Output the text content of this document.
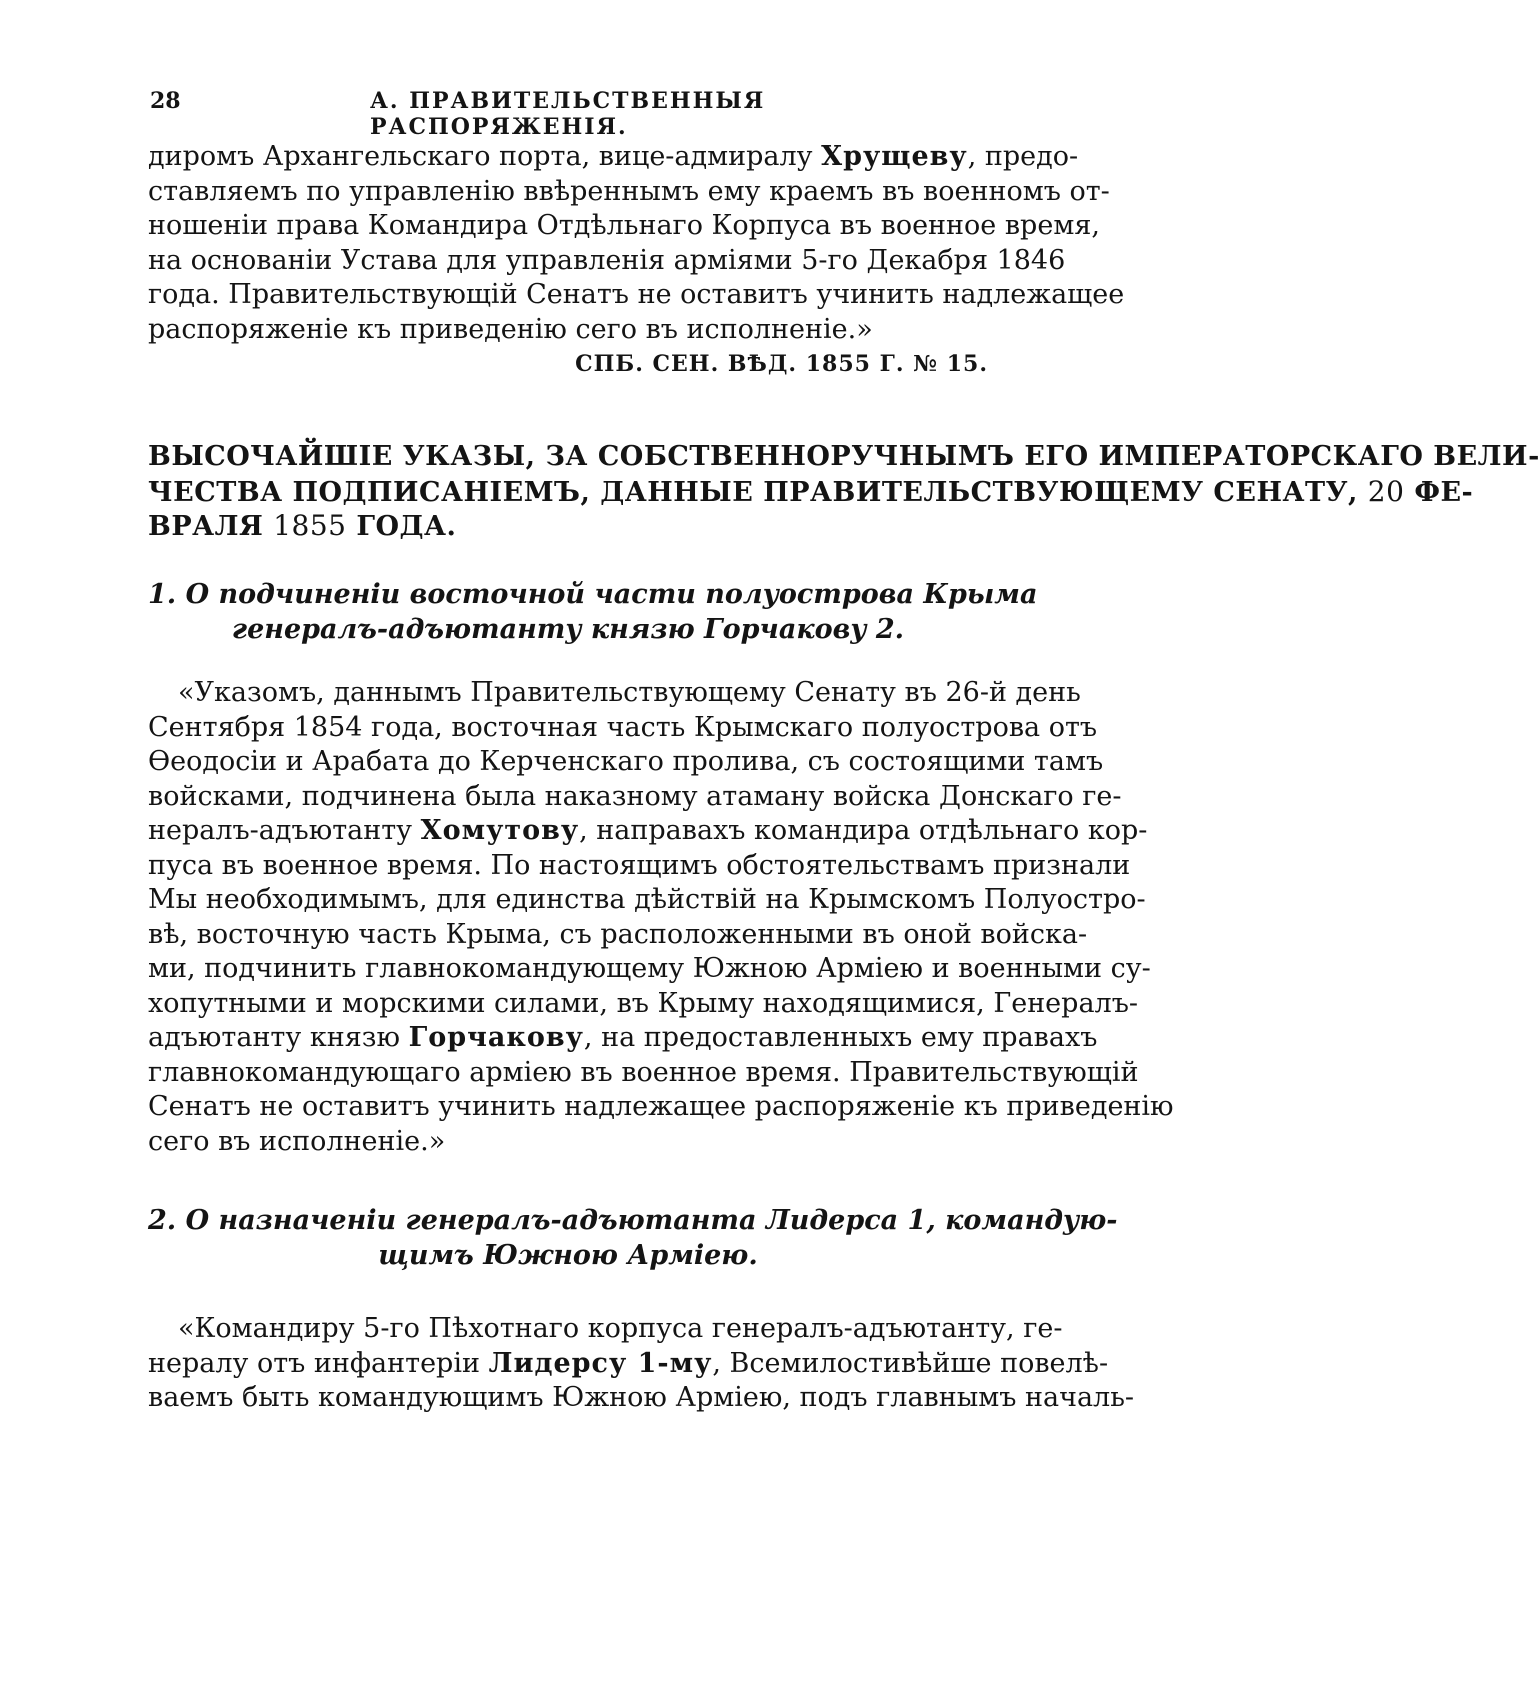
28	А. ПРАВИТЕЛЬСТВЕННЫЯ РАСПОРЯЖЕНІЯ.
диромъ Архангельскаго порта, вице-адмиралу Хрущеву, предо-
ставляемъ по управленію ввѣреннымъ ему краемъ въ военномъ от-
ношеніи права Командира Отдѣльнаго Корпуса въ военное время,
на основаніи Устава для управленія арміями 5-го Декабря 1846
года. Правительствующій Сенатъ не оставитъ учинить надлежащее
распоряженіе къ приведенію сего въ исполненіе.»
СПБ. СЕН. ВѢД. 1855 Г. № 15.
ВЫСОЧАЙШІЕ УКАЗЫ, ЗА СОБСТВЕННОРУЧНЫМЪ ЕГО ИМПЕРАТОРСКАГО ВЕЛИ-
ЧЕСТВА ПОДПИСАНІЕМЪ, ДАННЫЕ ПРАВИТЕЛЬСТВУЮЩЕМУ СЕНАТУ, 20 ФЕ-
ВРАЛЯ 1855 ГОДА.
1. О подчиненіи восточной части полуострова Крыма
генералъ-адъютанту князю Горчакову 2.
«Указомъ, даннымъ Правительствующему Сенату въ 26-й день
Сентября 1854 года, восточная часть Крымскаго полуострова отъ
Ѳеодосіи и Арабата до Керченскаго пролива, съ состоящими тамъ
войсками, подчинена была наказному атаману войска Донскаго ге-
нералъ-адъютанту Хомутову, направахъ командира отдѣльнаго кор-
пуса въ военное время. По настоящимъ обстоятельствамъ признали
Мы необходимымъ, для единства дѣйствій на Крымскомъ Полуостро-
вѣ, восточную часть Крыма, съ расположенными въ оной войска-
ми, подчинить главнокомандующему Южною Арміею и военными су-
хопутными и морскими силами, въ Крыму находящимися, Генералъ-
адъютанту князю Горчакову, на предоставленныхъ ему правахъ
главнокомандующаго арміею въ военное время. Правительствующій
Сенатъ не оставитъ учинить надлежащее распоряженіе къ приведенію
сего въ исполненіе.»
2. О назначеніи генералъ-адъютанта Лидерса 1, командую-
щимъ Южною Арміею.
«Командиру 5-го Пѣхотнаго корпуса генералъ-адъютанту, ге-
нералу отъ инфантеріи Лидерсу 1-му, Всемилостивѣйше повелѣ-
ваемъ быть командующимъ Южною Арміею, подъ главнымъ началь-
